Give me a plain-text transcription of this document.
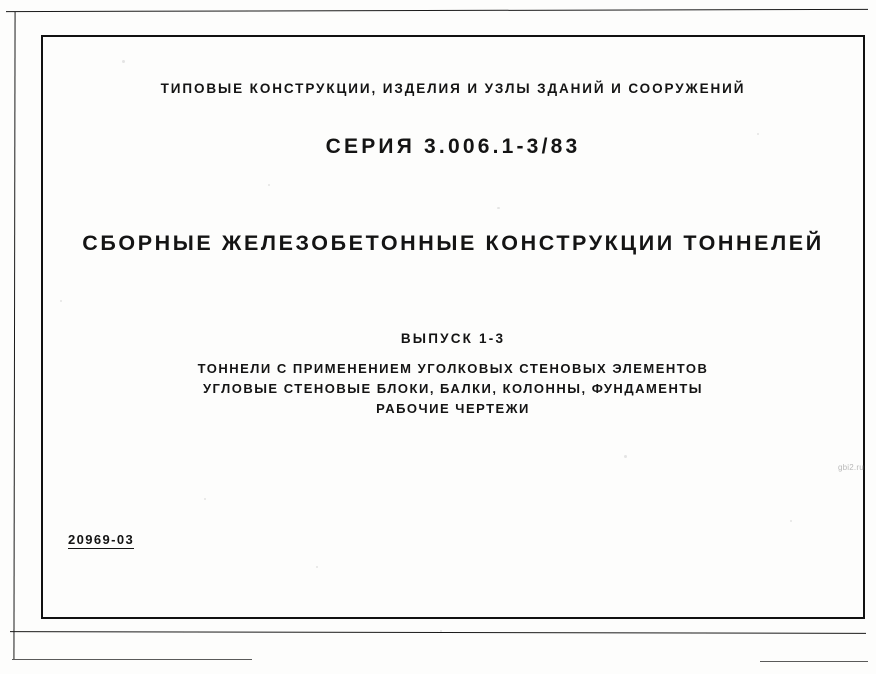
ТИПОВЫЕ КОНСТРУКЦИИ, ИЗДЕЛИЯ И УЗЛЫ ЗДАНИЙ И СООРУЖЕНИЙ
СЕРИЯ 3.006.1-3/83
СБОРНЫЕ ЖЕЛЕЗОБЕТОННЫЕ КОНСТРУКЦИИ ТОННЕЛЕЙ
ВЫПУСК 1-3
ТОННЕЛИ С ПРИМЕНЕНИЕМ УГОЛКОВЫХ СТЕНОВЫХ ЭЛЕМЕНТОВ
УГЛОВЫЕ СТЕНОВЫЕ БЛОКИ, БАЛКИ, КОЛОННЫ, ФУНДАМЕНТЫ
РАБОЧИЕ ЧЕРТЕЖИ
20969-03
gbi2.ru
